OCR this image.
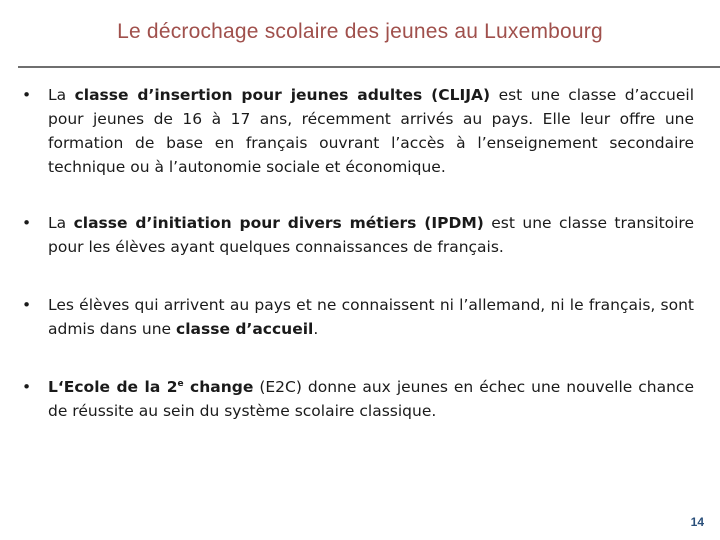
Le décrochage scolaire des jeunes au Luxembourg
• La classe d’insertion pour jeunes adultes (CLIJA) est une classe d’accueil pour jeunes de 16 à 17 ans, récemment arrivés au pays. Elle leur offre une formation de base en français ouvrant l’accès à l’enseignement secondaire technique ou à l’autonomie sociale et économique.
• La classe d’initiation pour divers métiers (IPDM) est une classe transitoire pour les élèves ayant quelques connaissances de français.
• Les élèves qui arrivent au pays et ne connaissent ni l’allemand, ni le français, sont admis dans une classe d’accueil.
• L‘Ecole de la 2e change (E2C) donne aux jeunes en échec une nouvelle chance de réussite au sein du système scolaire classique.
14
